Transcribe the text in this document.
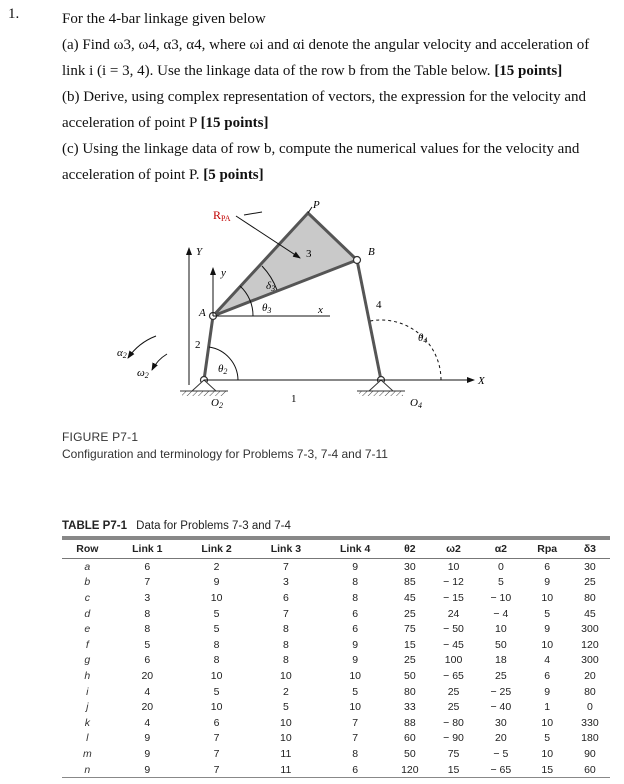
1.	For the 4-bar linkage given below

(a) Find ω3, ω4, α3, α4, where ωi and αi denote the angular velocity and acceleration of link i (i = 3, 4). Use the linkage data of the row b from the Table below. [15 points]

(b) Derive, using complex representation of vectors, the expression for the velocity and acceleration of point P [15 points]

(c) Using the linkage data of row b, compute the numerical values for the velocity and acceleration of point P. [5 points]

RPA
P
Y
y
δ3
3	B
A	θ3	x	4
θ4
α2
2
ω2
θ2
X
1
O2	O4
FIGURE P7-1
Configuration and terminology for Problems 7-3, 7-4 and 7-11
TABLE P7-1 Data for Problems 7-3 and 7-4
Row	Link 1	Link 2	Link 3	Link 4	θ2	ω2	α2	Rpa	δ3
a	6	2	7	9	30	10	0	6	30
b	7	9	3	8	85	− 12	5	9	25
c	3	10	6	8	45	− 15	− 10	10	80
d	8	5	7	6	25	24	− 4	5	45
e	8	5	8	6	75	− 50	10	9	300
f	5	8	8	9	15	− 45	50	10	120
g	6	8	8	9	25	100	18	4	300
h	20	10	10	10	50	− 65	25	6	20
i	4	5	2	5	80	25	− 25	9	80
j	20	10	5	10	33	25	− 40	1	0
k	4	6	10	7	88	− 80	30	10	330
l	9	7	10	7	60	− 90	20	5	180
m	9	7	11	8	50	75	− 5	10	90
n	9	7	11	6	120	15	− 65	15	60
